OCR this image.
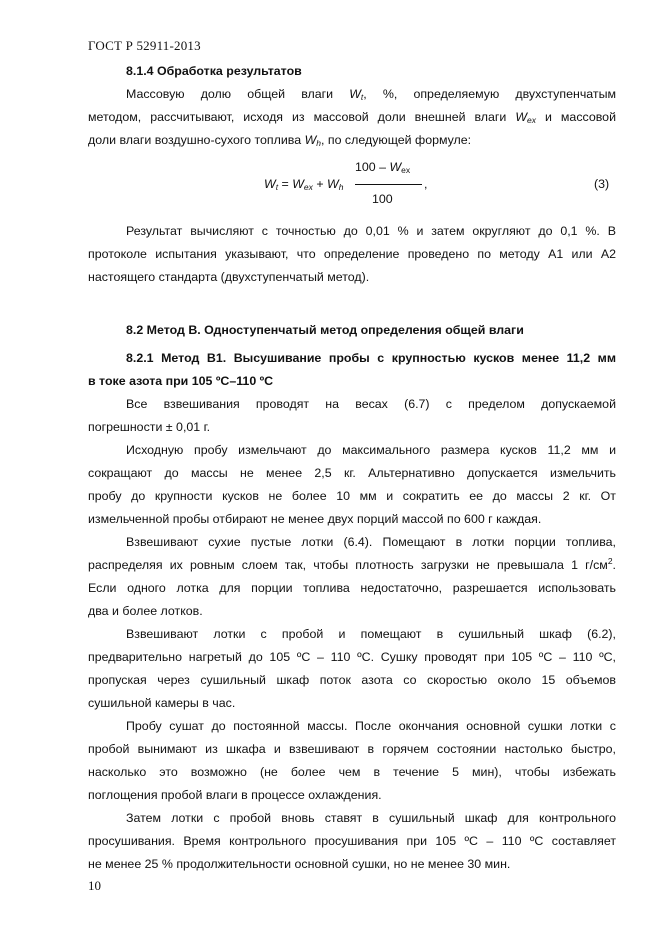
ГОСТ Р 52911-2013
8.1.4 Обработка результатов
Массовую долю общей влаги $W_t$, %, определяемую двухступенчатым
методом, рассчитывают, исходя из массовой доли внешней влаги $W_{ex}$ и массовой
доли влаги воздушно-сухого топлива $W_h$, по следующей формуле:
$100 - W_{ex}$
$W_t = W_{ex} + W_h$	,
100
(3)
Результат вычисляют с точностью до 0,01 % и затем округляют до 0,1 %. В
протоколе испытания указывают, что определение проведено по методу А1 или А2
настоящего стандарта (двухступенчатый метод).
8.2 Метод В. Одноступенчатый метод определения общей влаги
8.2.1 Метод В1. Высушивание пробы с крупностью кусков менее 11,2 мм
в токе азота при 105 ºС–110 ºС
Все взвешивания проводят на весах (6.7) с пределом допускаемой
погрешности ± 0,01 г.
Исходную пробу измельчают до максимального размера кусков 11,2 мм и
сокращают до массы не менее 2,5 кг. Альтернативно допускается измельчить
пробу до крупности кусков не более 10 мм и сократить ее до массы 2 кг. От
измельченной пробы отбирают не менее двух порций массой по 600 г каждая.
Взвешивают сухие пустые лотки (6.4). Помещают в лотки порции топлива,
распределяя их ровным слоем так, чтобы плотность загрузки не превышала 1 $г/см^2$.
Если одного лотка для порции топлива недостаточно, разрешается использовать
два и более лотков.
Взвешивают лотки с пробой и помещают в сушильный шкаф (6.2),
предварительно нагретый до 105 ºС – 110 ºС. Сушку проводят при 105 ºС – 110 ºС,
пропуская через сушильный шкаф поток азота со скоростью около 15 объемов
сушильной камеры в час.
Пробу сушат до постоянной массы. После окончания основной сушки лотки с
пробой вынимают из шкафа и взвешивают в горячем состоянии настолько быстро,
насколько это возможно (не более чем в течение 5 мин), чтобы избежать
поглощения пробой влаги в процессе охлаждения.
Затем лотки с пробой вновь ставят в сушильный шкаф для контрольного
просушивания. Время контрольного просушивания при 105 ºС – 110 ºС составляет
не менее 25 % продолжительности основной сушки, но не менее 30 мин.
10
